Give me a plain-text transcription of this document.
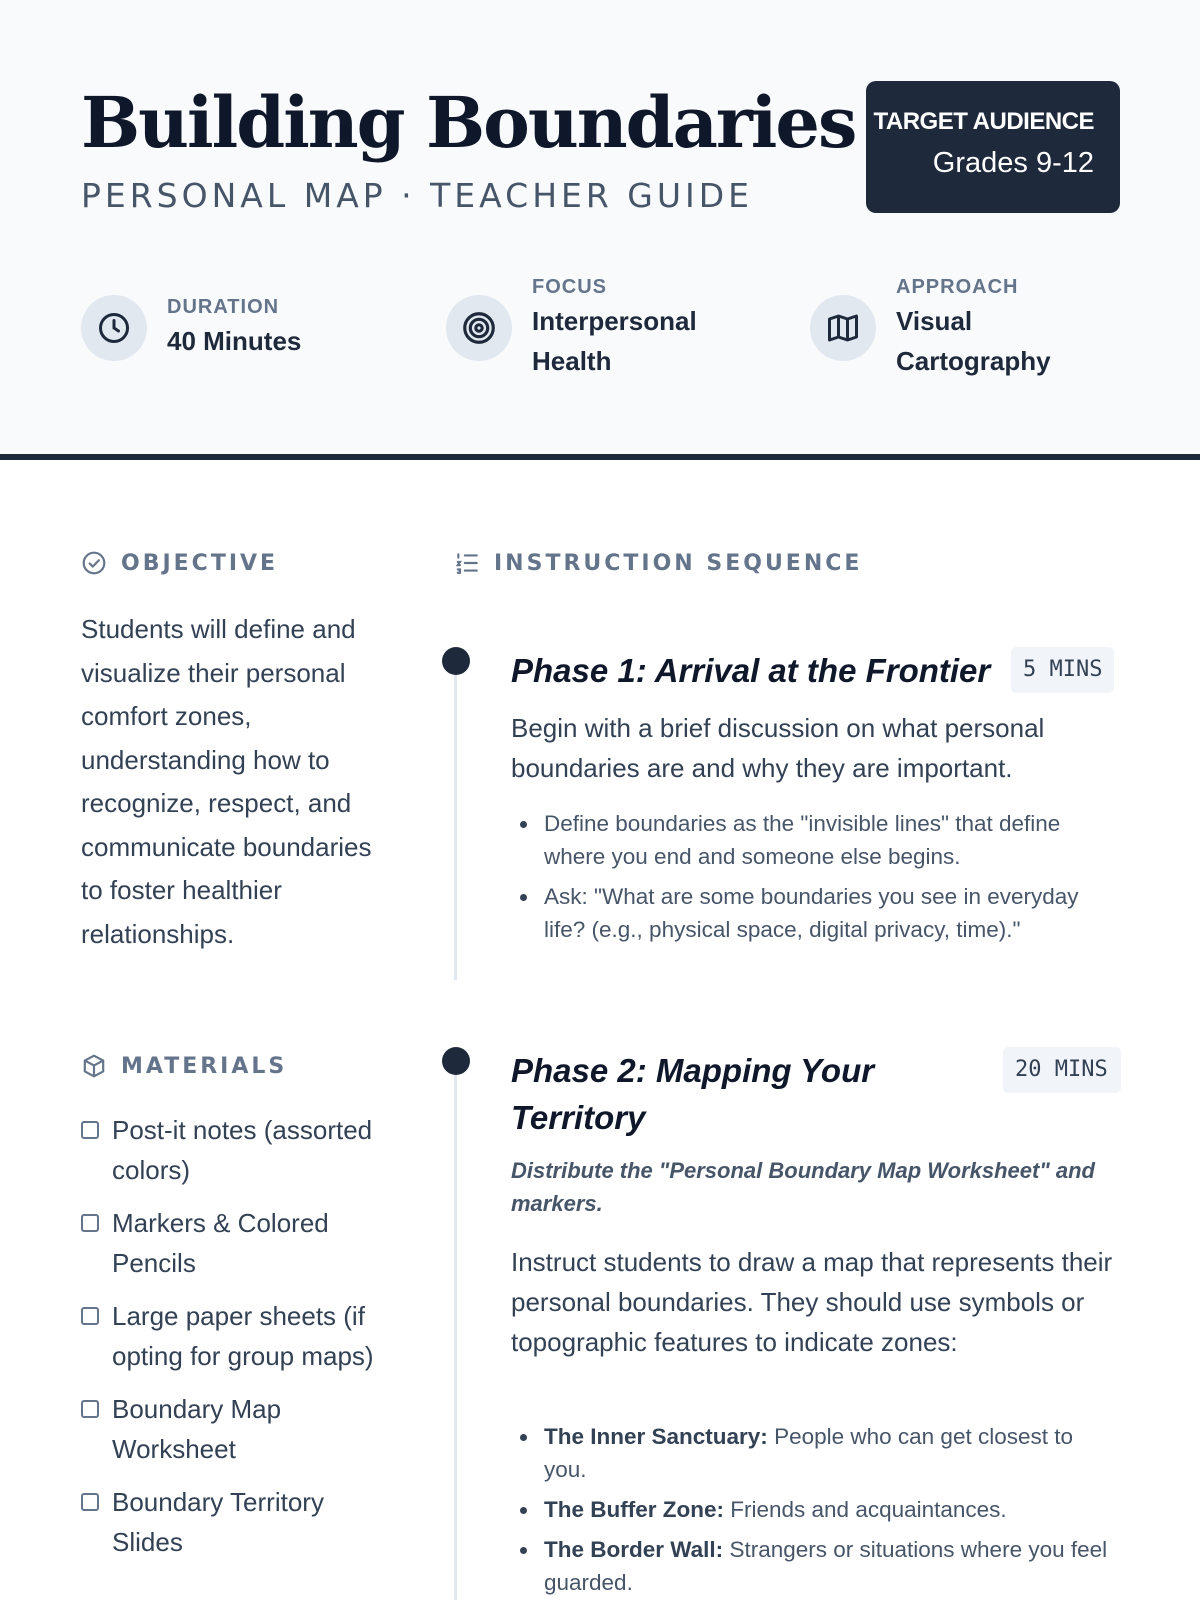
Building Boundaries
PERSONAL MAP · TEACHER GUIDE
TARGET AUDIENCE
Grades 9-12
DURATION
40 Minutes
FOCUS
Interpersonal
Health
APPROACH
Visual
Cartography
OBJECTIVE

Students will define and visualize their personal comfort zones, understanding how to recognize, respect, and communicate boundaries to foster healthier relationships.

MATERIALS
Post-it notes (assorted colors)
Markers & Colored Pencils
Large paper sheets (if opting for group maps)
Boundary Map Worksheet
Boundary Territory Slides
INSTRUCTION SEQUENCE
Phase 1: Arrival at the Frontier	5 MINS

Begin with a brief discussion on what personal boundaries are and why they are important.

Define boundaries as the "invisible lines" that define where you end and someone else begins.
Ask: "What are some boundaries you see in everyday life? (e.g., physical space, digital privacy, time)."
Phase 2: Mapping Your Territory
20 MINS

Distribute the "Personal Boundary Map Worksheet" and markers.

Instruct students to draw a map that represents their personal boundaries. They should use symbols or topographic features to indicate zones:

The Inner Sanctuary: People who can get closest to you.
The Buffer Zone: Friends and acquaintances.
The Border Wall: Strangers or situations where you feel guarded.
